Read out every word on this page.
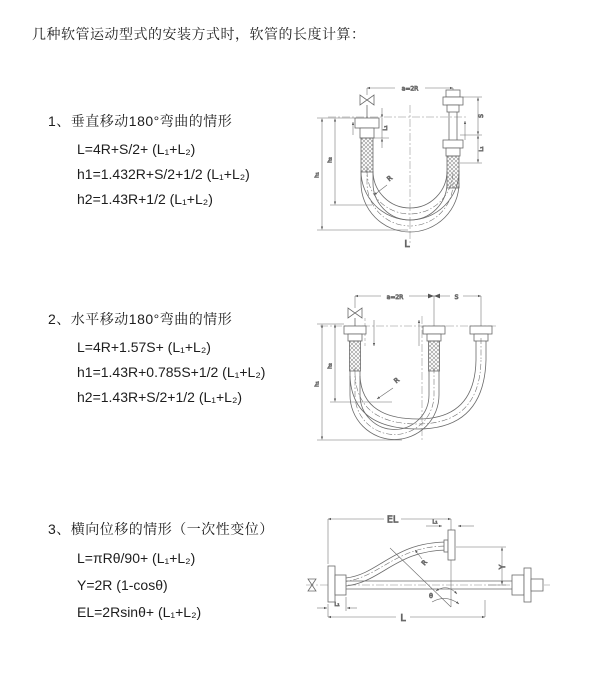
几种软管运动型式的安装方式时，软管的长度计算：
1、垂直移动180°弯曲的情形
L=4R+S/2+ (L₁+L₂)
h1=1.432R+S/2+1/2 (L₁+L₂)
h2=1.43R+1/2 (L₁+L₂)
2、水平移动180°弯曲的情形
L=4R+1.57S+ (L₁+L₂)
h1=1.43R+0.785S+1/2 (L₁+L₂)
h2=1.43R+S/2+1/2 (L₁+L₂)
3、横向位移的情形（一次性变位）
L=πRθ/90+ (L₁+L₂)
Y=2R (1-cosθ)
EL=2Rsinθ+ (L₁+L₂)
a=2R
L₁
S
L₁
h₁
h₂
R
L
a=2R	S
h₁
h₂
R
EL	L₁
θ
R	Y
L
L₁
